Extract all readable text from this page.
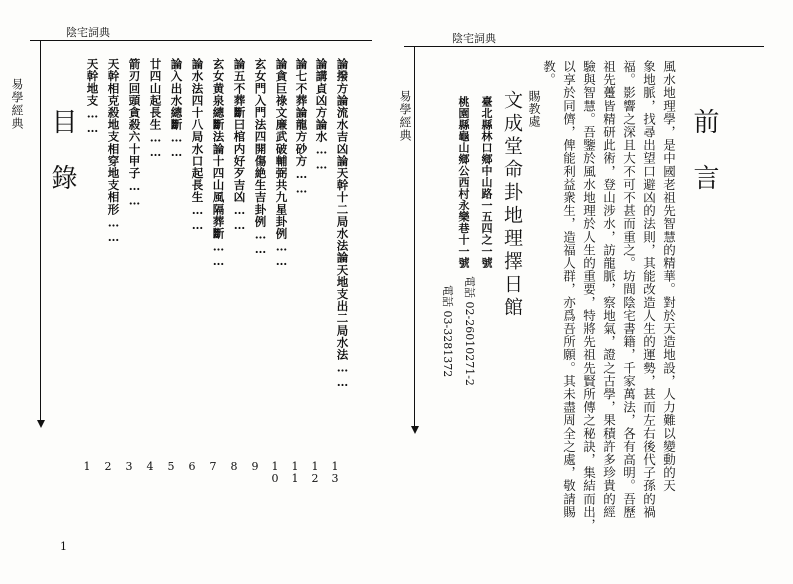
陰宅詞典
易學經典
目 錄	論撥方論流水吉凶論天幹十二局水法論天地支出二局水法……
1 3
論講貞凶方論水……
1 2
論七不葬論龍方砂方……
1 1
論貪巨祿文廉武破輔弼共九星卦例……
1 0
玄女門入門法四開傷絶生吉卦例……
9
論五不葬斷曰棺内好歹吉凶……
8
玄女黄泉總斷法論十四山風隔葬斷……
7
論水法四十八局水口起長生……
6
論入出水總斷……
5
廿四山起長生……
4
箭刃回頭貪殺六十甲子……
3
天幹相克殺地支相穿地支相形……
2
天幹地支……
1
1
陰宅詞典
易學經典	前 言
風水地理學，是中國老祖先智慧的精華。對於天造地設，人力難以變動的天
象地脈，找尋出望口避凶的法則，其能改造人生的運勢，甚而左右後代子孫的禍
福。影響之深且大不可不甚而重之。坊間陰宅書籍，千家萬法，各有高明。吾歷
祖先躉皆精研此術，登山涉水，訪龍脈，察地氣，證之古學，果積許多珍貴的經
驗與智慧。吾鑒於風水地理於人生的重要，特將先祖先賢所傳之秘訣，集結而出，
以享於同儕，俾能利益衆生，造福人群，亦爲吾所願。其未盡周全之處，敬請賜
教。
賜教處
文成堂命卦地理擇日館
臺北縣林口鄉中山路一五四之一號
桃園縣龜山鄉公西村永樂巷十一號
電話 02-26010271-2
電話 03-3281372
